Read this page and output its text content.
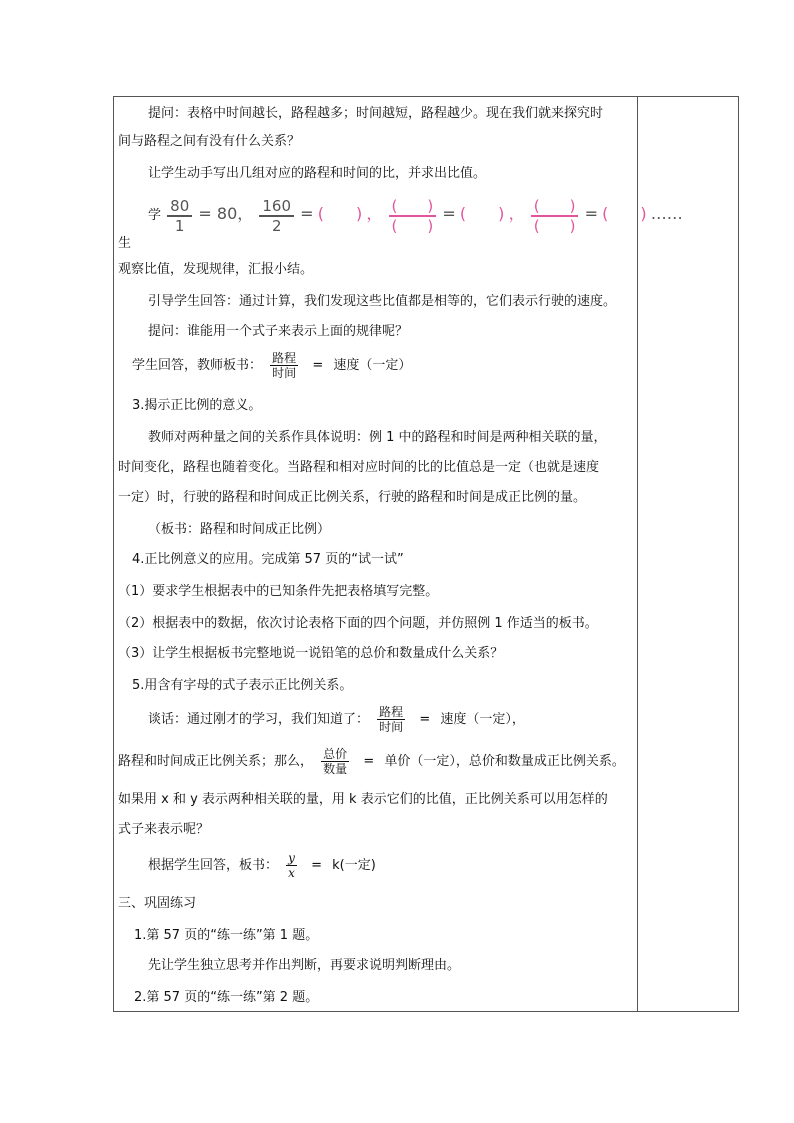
提问：表格中时间越长，路程越多；时间越短，路程越少。现在我们就来探究时
间与路程之间有没有什么关系？
让学生动手写出几组对应的路程和时间的比，并求出比值。
学 $\frac{80}{1} = 80$， $\frac{160}{2}$ = (　　) ， $\frac{( )}{( )}$ = (　　) ， $\frac{( )}{( )}$ = (　　) ……
生
观察比值，发现规律，汇报小结。
引导学生回答：通过计算，我们发现这些比值都是相等的，它们表示行驶的速度。
提问：谁能用一个式子来表示上面的规律呢？
学生回答，教师板书： $\frac{\text{路程}}{\text{时间}}$ = 速度（一定）
3.揭示正比例的意义。
教师对两种量之间的关系作具体说明：例 1 中的路程和时间是两种相关联的量，
时间变化，路程也随着变化。当路程和相对应时间的比的比值总是一定（也就是速度
一定）时，行驶的路程和时间成正比例关系，行驶的路程和时间是成正比例的量。
（板书：路程和时间成正比例）
4.正比例意义的应用。完成第 57 页的“试一试”
（1）要求学生根据表中的已知条件先把表格填写完整。
（2）根据表中的数据，依次讨论表格下面的四个问题，并仿照例 1 作适当的板书。
（3）让学生根据板书完整地说一说铅笔的总价和数量成什么关系？
5.用含有字母的式子表示正比例关系。
谈话：通过刚才的学习，我们知道了： $\frac{\text{路程}}{\text{时间}}$ = 速度（一定），
路程和时间成正比例关系；那么， $\frac{\text{总价}}{\text{数量}}$ = 单价（一定），总价和数量成正比例关系。
如果用 x 和 y 表示两种相关联的量，用 k 表示它们的比值，正比例关系可以用怎样的
式子来表示呢？
根据学生回答，板书： $\frac{y}{x} = k$(一定)
三、巩固练习
1.第 57 页的“练一练”第 1 题。
先让学生独立思考并作出判断，再要求说明判断理由。
2.第 57 页的“练一练”第 2 题。
